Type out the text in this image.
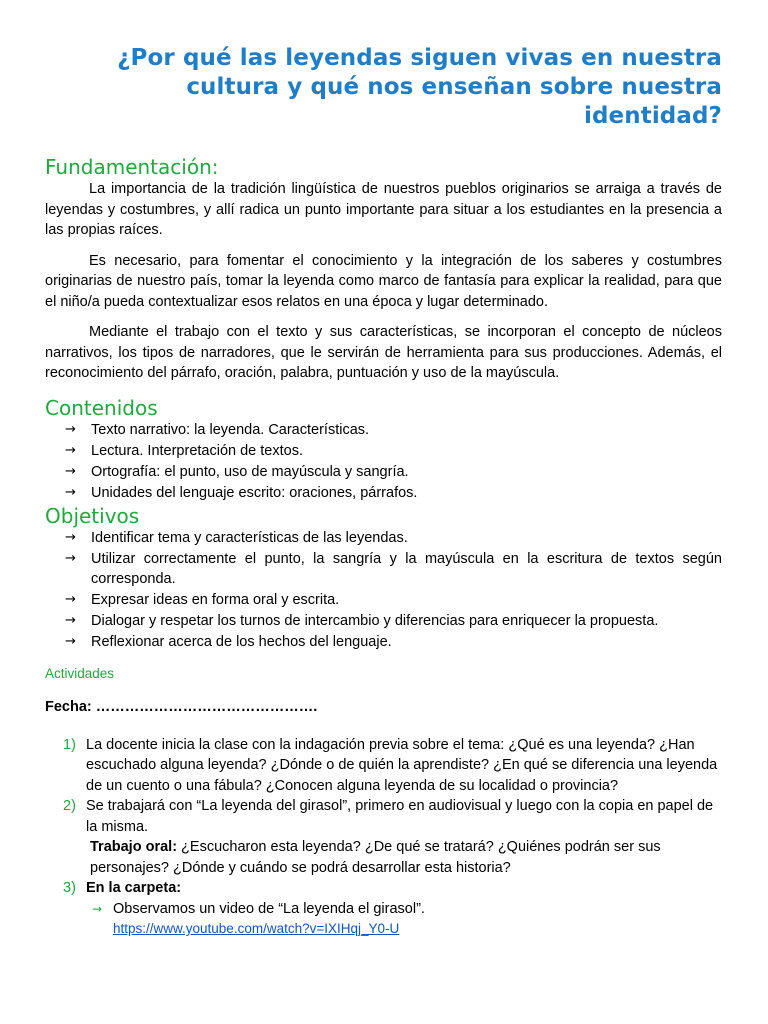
¿Por qué las leyendas siguen vivas en nuestra cultura y qué nos enseñan sobre nuestra identidad?
Fundamentación:

La importancia de la tradición lingüística de nuestros pueblos originarios se arraiga a través de leyendas y costumbres, y allí radica un punto importante para situar a los estudiantes en la presencia a las propias raíces.

Es necesario, para fomentar el conocimiento y la integración de los saberes y costumbres originarias de nuestro país, tomar la leyenda como marco de fantasía para explicar la realidad, para que el niño/a pueda contextualizar esos relatos en una época y lugar determinado.

Mediante el trabajo con el texto y sus características, se incorporan el concepto de núcleos narrativos, los tipos de narradores, que le servirán de herramienta para sus producciones. Además, el reconocimiento del párrafo, oración, palabra, puntuación y uso de la mayúscula.

Contenidos
→ Texto narrativo: la leyenda. Características.
→ Lectura. Interpretación de textos.
→ Ortografía: el punto, uso de mayúscula y sangría.
→ Unidades del lenguaje escrito: oraciones, párrafos.
Objetivos
→ Identificar tema y características de las leyendas.
→ Utilizar correctamente el punto, la sangría y la mayúscula en la escritura de textos según corresponda.
→ Expresar ideas en forma oral y escrita.
→ Dialogar y respetar los turnos de intercambio y diferencias para enriquecer la propuesta.
→ Reflexionar acerca de los hechos del lenguaje.
Actividades
Fecha: ……………………………………….
1) La docente inicia la clase con la indagación previa sobre el tema: ¿Qué es una leyenda? ¿Han escuchado alguna leyenda? ¿Dónde o de quién la aprendiste? ¿En qué se diferencia una leyenda de un cuento o una fábula? ¿Conocen alguna leyenda de su localidad o provincia?
2) Se trabajará con “La leyenda del girasol”, primero en audiovisual y luego con la copia en papel de la misma.
Trabajo oral: ¿Escucharon esta leyenda? ¿De qué se tratará? ¿Quiénes podrán ser sus personajes? ¿Dónde y cuándo se podrá desarrollar esta historia?
3) En la carpeta:
→ Observamos un video de “La leyenda el girasol”.
https://www.youtube.com/watch?v=IXIHqj_Y0-U
